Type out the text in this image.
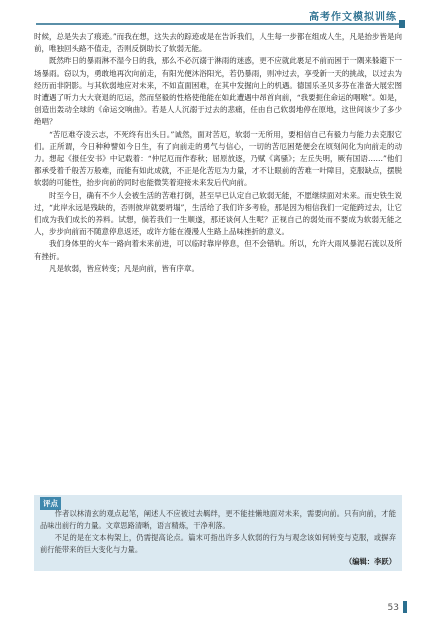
高考作文模拟训练

时候，总是失去了痕迹。”而我在想，这失去的踪迹或是在告诉我们，人生每一步都在组成人生，凡是抬步皆是向前，唯独回头路不值走，否则反倒助长了软弱无能。

既然昨日的暴雨淋不湿今日的我，那么不必沉溺于淋雨的迷惑，更不应就此裹足不前而困于一隅来躲避下一场暴雨。窃以为，勇敢地再次向前走，有阳光便沐浴阳光，若仍暴雨，则冲过去，享受新一天的挑战，以过去为经历而非阴影。与其软弱地应对未来，不如直面困难，在其中发掘向上的机遇。德国乐圣贝多芬在准备大展宏图时遭遇了听力大大衰退的厄运，然而坚毅的性格使他能在如此遭遇中昂首向前，“我要扼住命运的咽喉”。如是，创造出轰动全球的《命运交响曲》。若是人人沉溺于过去的悲痛，任由自己软弱地停在原地，这世间该少了多少绝唱？

“苦厄难夺凌云志，不死终有出头日。”诚然，面对苦厄，软弱一无所用，要相信自己有毅力与能力去克服它们。正所谓，今日种种譬如今日生，有了向前走的勇气与信心，一切的苦厄困楚便会在顷刻间化为向前走的动力。想起《报任安书》中记载着：“仲尼厄而作春秋；屈原放逐，乃赋《离骚》；左丘失明，厥有国语……”他们都承受着千般苦万般难，而能有如此成就，不正是化苦厄为力量，才不让眼前的苦难一叶障目，克服缺点，摆脱软弱的可能性，抬步向前的同时也能微笑着迎接未来发后代向前。

时至今日，确有不少人会被生活的苦难打倒，甚至早已认定自己软弱无能，不愿继续面对未来。而史铁生说过，“此岸永远是残缺的，否则彼岸就要坍塌”，生活给了我们许多考验，那是因为相信我们一定能跨过去，让它们成为我们成长的养料。试想，倘若我们一生顺遂，那还谈何人生呢？正视自己的弱处而不要成为软弱无能之人，步步向前而不随意停息返还，或许方能在漫漫人生路上品味挫折的意义。

我们身体里的火车一路向着未来前进，可以临时靠岸停息，但不会错轨。所以，允许大雨风暴泥石流以及所有挫折。

凡是软弱，皆应转变；凡是向前，皆有序章。

评点

作者以林清玄的观点起笔，阐述人不应被过去羁绊，更不能挂懒地面对未来，需要向前。只有向前，才能品味出前行的力量。文章思路清晰，语言精炼，干净利落。

不足的是在文本构架上，仍需提高论点。篇末可指出许多人软弱的行为与观念该如何转变与克服，或摒弃前行能带来的巨大变化与力量。

（编辑：李跃）

53
